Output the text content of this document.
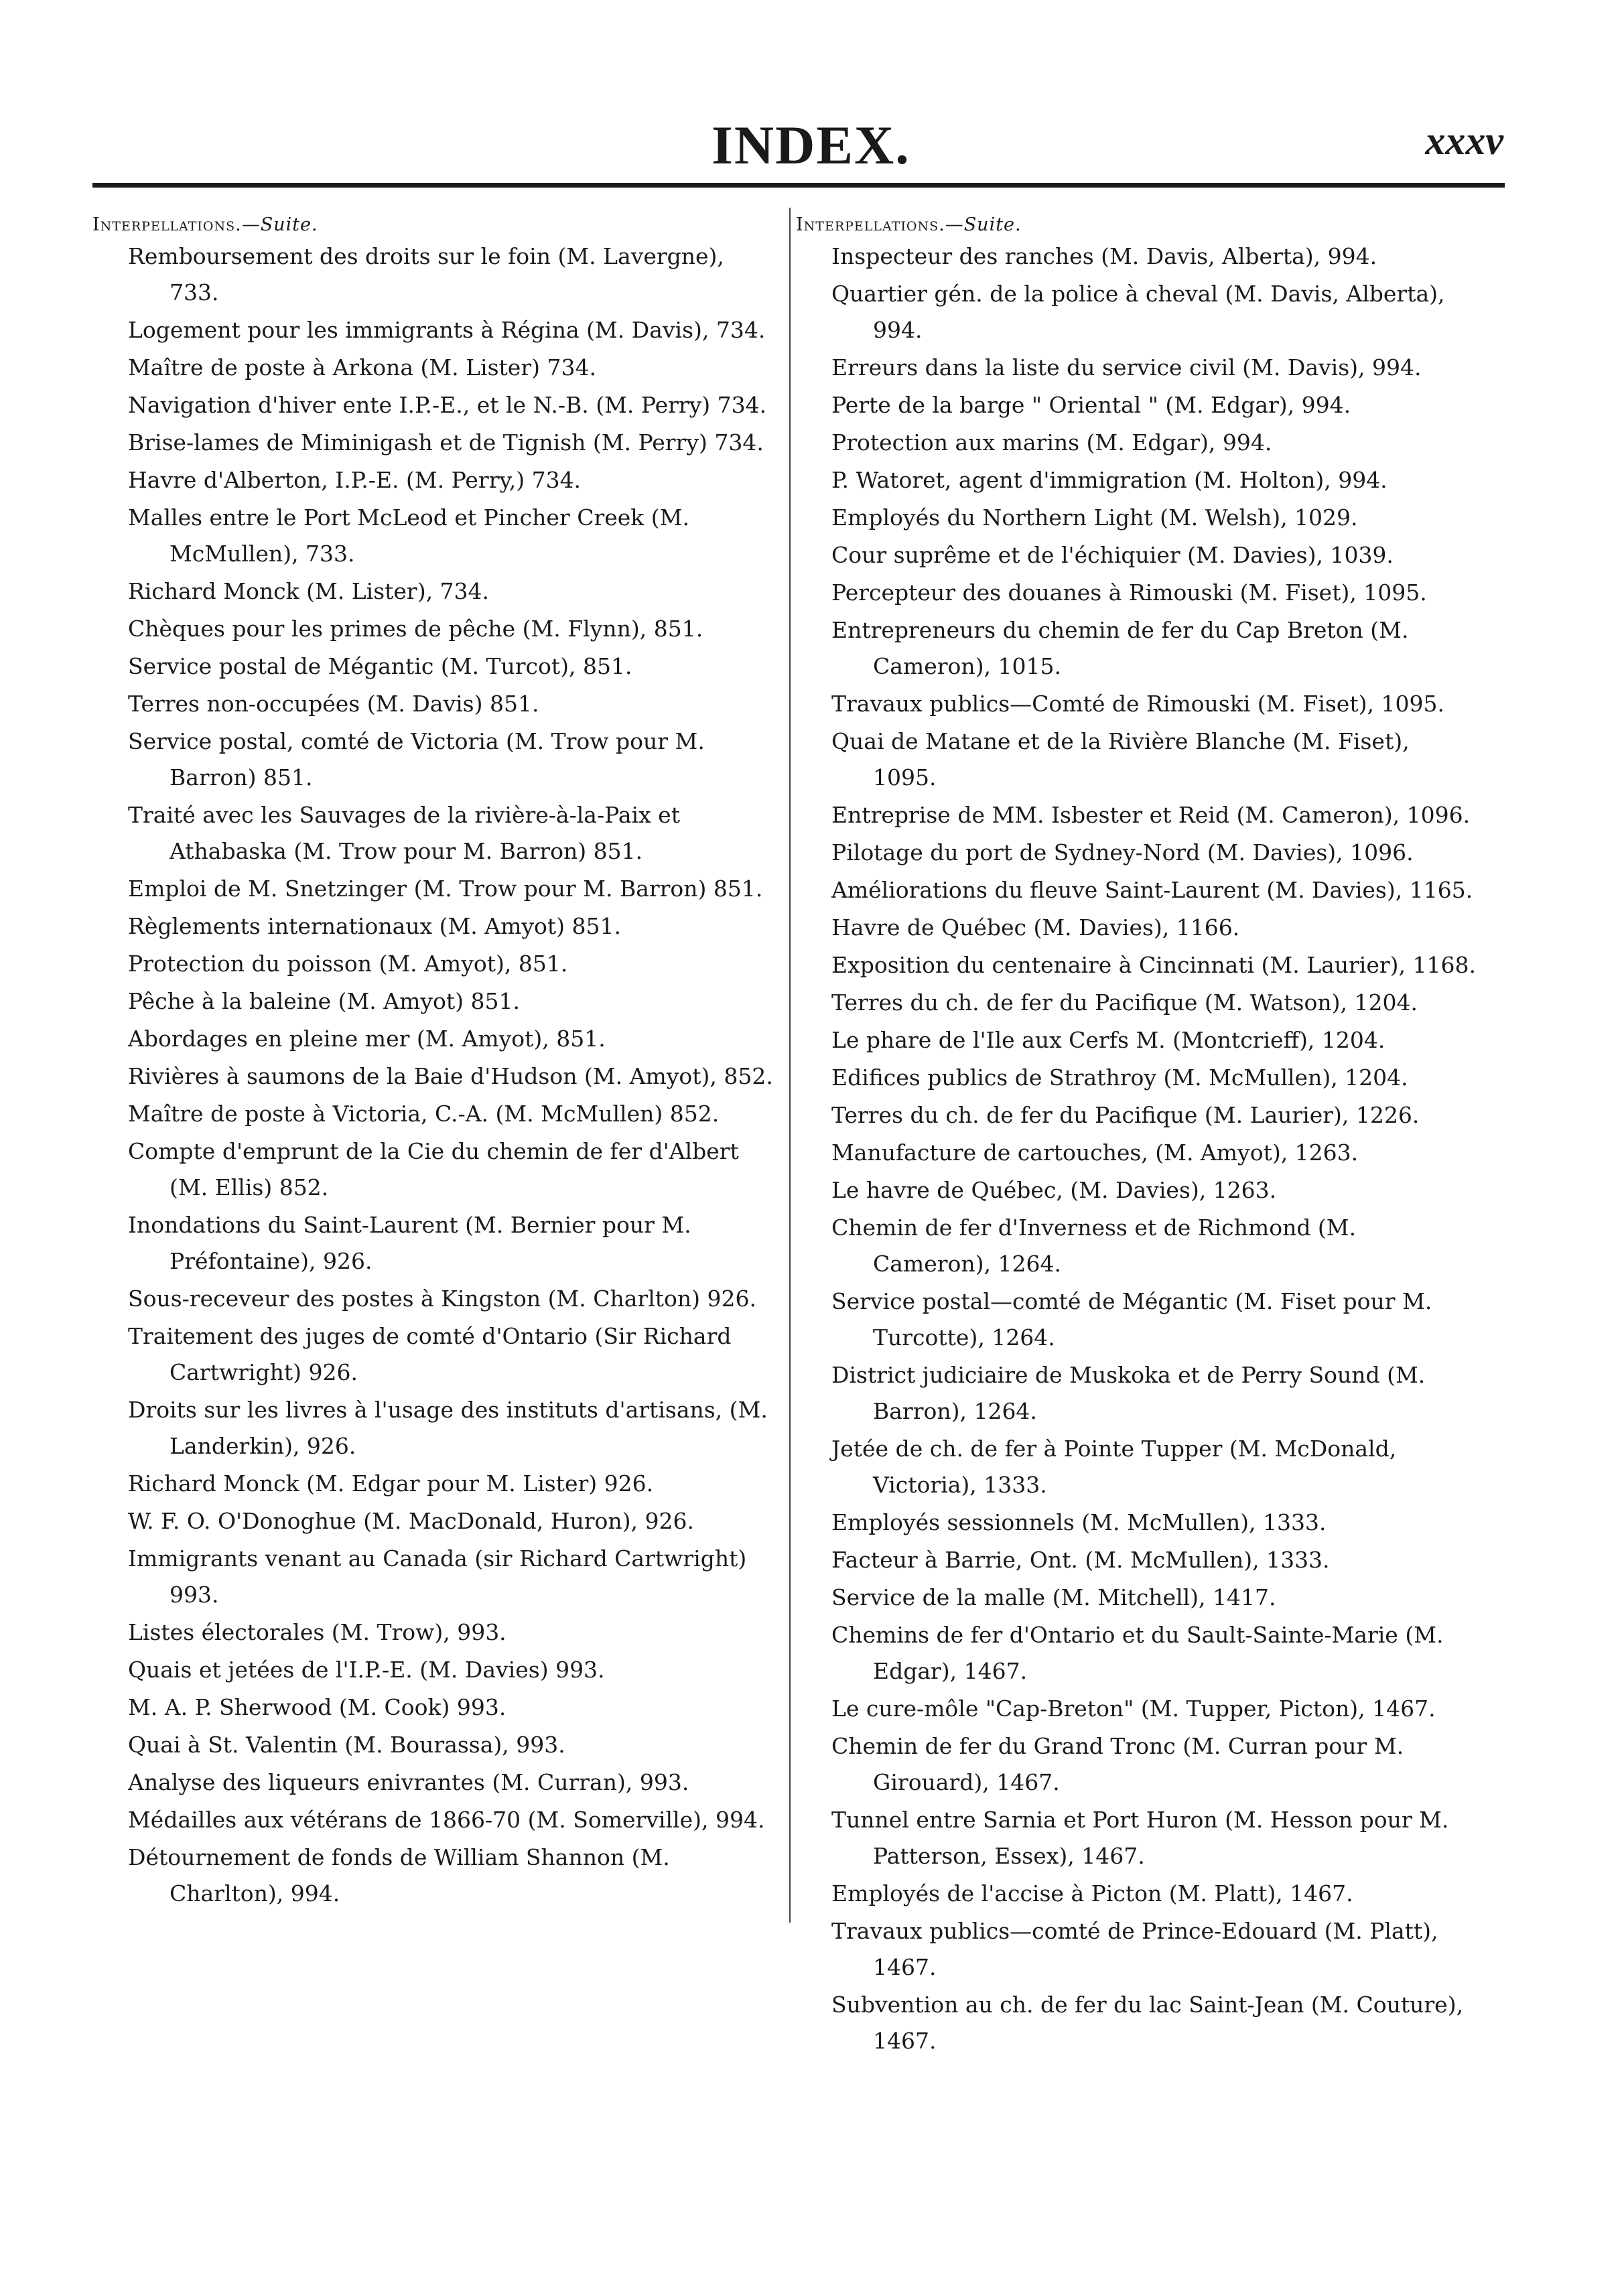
INDEX.	xxxv
Interpellations.—Suite.
Remboursement des droits sur le foin (M. Lavergne), 733.
Logement pour les immigrants à Régina (M. Davis), 734.
Maître de poste à Arkona (M. Lister) 734.
Navigation d'hiver ente I.P.-E., et le N.-B. (M. Perry) 734.
Brise-lames de Miminigash et de Tignish (M. Perry) 734.
Havre d'Alberton, I.P.-E. (M. Perry,) 734.
Malles entre le Port McLeod et Pincher Creek (M. McMullen), 733.
Richard Monck (M. Lister), 734.
Chèques pour les primes de pêche (M. Flynn), 851.
Service postal de Mégantic (M. Turcot), 851.
Terres non-occupées (M. Davis) 851.
Service postal, comté de Victoria (M. Trow pour M. Barron) 851.
Traité avec les Sauvages de la rivière-à-la-Paix et Athabaska (M. Trow pour M. Barron) 851.
Emploi de M. Snetzinger (M. Trow pour M. Barron) 851.
Règlements internationaux (M. Amyot) 851.
Protection du poisson (M. Amyot), 851.
Pêche à la baleine (M. Amyot) 851.
Abordages en pleine mer (M. Amyot), 851.
Rivières à saumons de la Baie d'Hudson (M. Amyot), 852.
Maître de poste à Victoria, C.-A. (M. McMullen) 852.
Compte d'emprunt de la Cie du chemin de fer d'Albert (M. Ellis) 852.
Inondations du Saint-Laurent (M. Bernier pour M. Préfontaine), 926.
Sous-receveur des postes à Kingston (M. Charlton) 926.
Traitement des juges de comté d'Ontario (Sir Richard Cartwright) 926.
Droits sur les livres à l'usage des instituts d'artisans, (M. Landerkin), 926.
Richard Monck (M. Edgar pour M. Lister) 926.
W. F. O. O'Donoghue (M. MacDonald, Huron), 926.
Immigrants venant au Canada (sir Richard Cartwright) 993.
Listes électorales (M. Trow), 993.
Quais et jetées de l'I.P.-E. (M. Davies) 993.
M. A. P. Sherwood (M. Cook) 993.
Quai à St. Valentin (M. Bourassa), 993.
Analyse des liqueurs enivrantes (M. Curran), 993.
Médailles aux vétérans de 1866-70 (M. Somerville), 994.
Détournement de fonds de William Shannon (M. Charlton), 994.
Interpellations.—Suite.
Inspecteur des ranches (M. Davis, Alberta), 994.
Quartier gén. de la police à cheval (M. Davis, Alberta), 994.
Erreurs dans la liste du service civil (M. Davis), 994.
Perte de la barge " Oriental " (M. Edgar), 994.
Protection aux marins (M. Edgar), 994.
P. Watoret, agent d'immigration (M. Holton), 994.
Employés du Northern Light (M. Welsh), 1029.
Cour suprême et de l'échiquier (M. Davies), 1039.
Percepteur des douanes à Rimouski (M. Fiset), 1095.
Entrepreneurs du chemin de fer du Cap Breton (M. Cameron), 1015.
Travaux publics—Comté de Rimouski (M. Fiset), 1095.
Quai de Matane et de la Rivière Blanche (M. Fiset), 1095.
Entreprise de MM. Isbester et Reid (M. Cameron), 1096.
Pilotage du port de Sydney-Nord (M. Davies), 1096.
Améliorations du fleuve Saint-Laurent (M. Davies), 1165.
Havre de Québec (M. Davies), 1166.
Exposition du centenaire à Cincinnati (M. Laurier), 1168.
Terres du ch. de fer du Pacifique (M. Watson), 1204.
Le phare de l'Ile aux Cerfs M. (Montcrieff), 1204.
Edifices publics de Strathroy (M. McMullen), 1204.
Terres du ch. de fer du Pacifique (M. Laurier), 1226.
Manufacture de cartouches, (M. Amyot), 1263.
Le havre de Québec, (M. Davies), 1263.
Chemin de fer d'Inverness et de Richmond (M. Cameron), 1264.
Service postal—comté de Mégantic (M. Fiset pour M. Turcotte), 1264.
District judiciaire de Muskoka et de Perry Sound (M. Barron), 1264.
Jetée de ch. de fer à Pointe Tupper (M. McDonald, Victoria), 1333.
Employés sessionnels (M. McMullen), 1333.
Facteur à Barrie, Ont. (M. McMullen), 1333.
Service de la malle (M. Mitchell), 1417.
Chemins de fer d'Ontario et du Sault-Sainte-Marie (M. Edgar), 1467.
Le cure-môle "Cap-Breton" (M. Tupper, Picton), 1467.
Chemin de fer du Grand Tronc (M. Curran pour M. Girouard), 1467.
Tunnel entre Sarnia et Port Huron (M. Hesson pour M. Patterson, Essex), 1467.
Employés de l'accise à Picton (M. Platt), 1467.
Travaux publics—comté de Prince-Edouard (M. Platt), 1467.
Subvention au ch. de fer du lac Saint-Jean (M. Couture), 1467.
